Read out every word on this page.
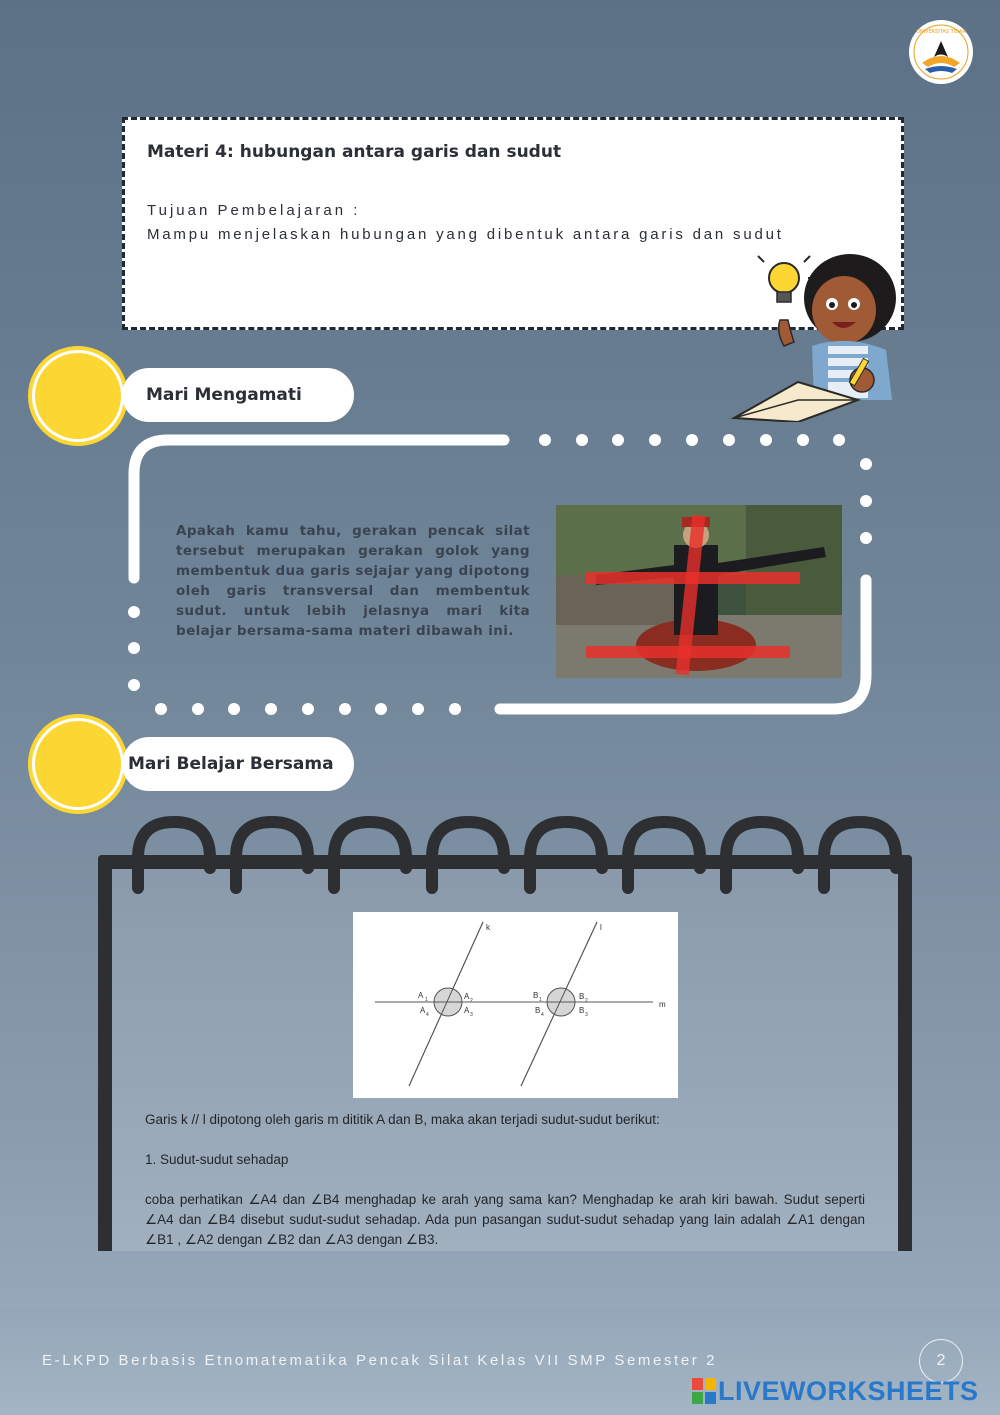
UNIVERSITAS TIDAR
Materi 4: hubungan antara garis dan sudut
Tujuan Pembelajaran :
Mampu menjelaskan hubungan yang dibentuk antara garis dan sudut
Mari Mengamati
Apakah kamu tahu, gerakan pencak silat tersebut merupakan gerakan golok yang membentuk dua garis sejajar yang dipotong oleh garis transversal dan membentuk sudut. untuk lebih jelasnya mari kita belajar bersama-sama materi dibawah ini.
Mari Belajar Bersama
k	l
m
A 1	A 2
A 3
A 4
B 1	B 2
B 3
B 4
Garis k // l dipotong oleh garis m dititik A dan B, maka akan terjadi sudut-sudut berikut:
1. Sudut-sudut sehadap
coba perhatikan ∠A4 dan ∠B4 menghadap ke arah yang sama kan? Menghadap ke arah kiri bawah. Sudut seperti ∠A4 dan ∠B4 disebut sudut-sudut sehadap. Ada pun pasangan sudut-sudut sehadap yang lain adalah ∠A1 dengan ∠B1 , ∠A2 dengan ∠B2 dan ∠A3 dengan ∠B3.
E-LKPD Berbasis Etnomatematika Pencak Silat Kelas VII SMP Semester 2	2
LIVEWORKSHEETS
